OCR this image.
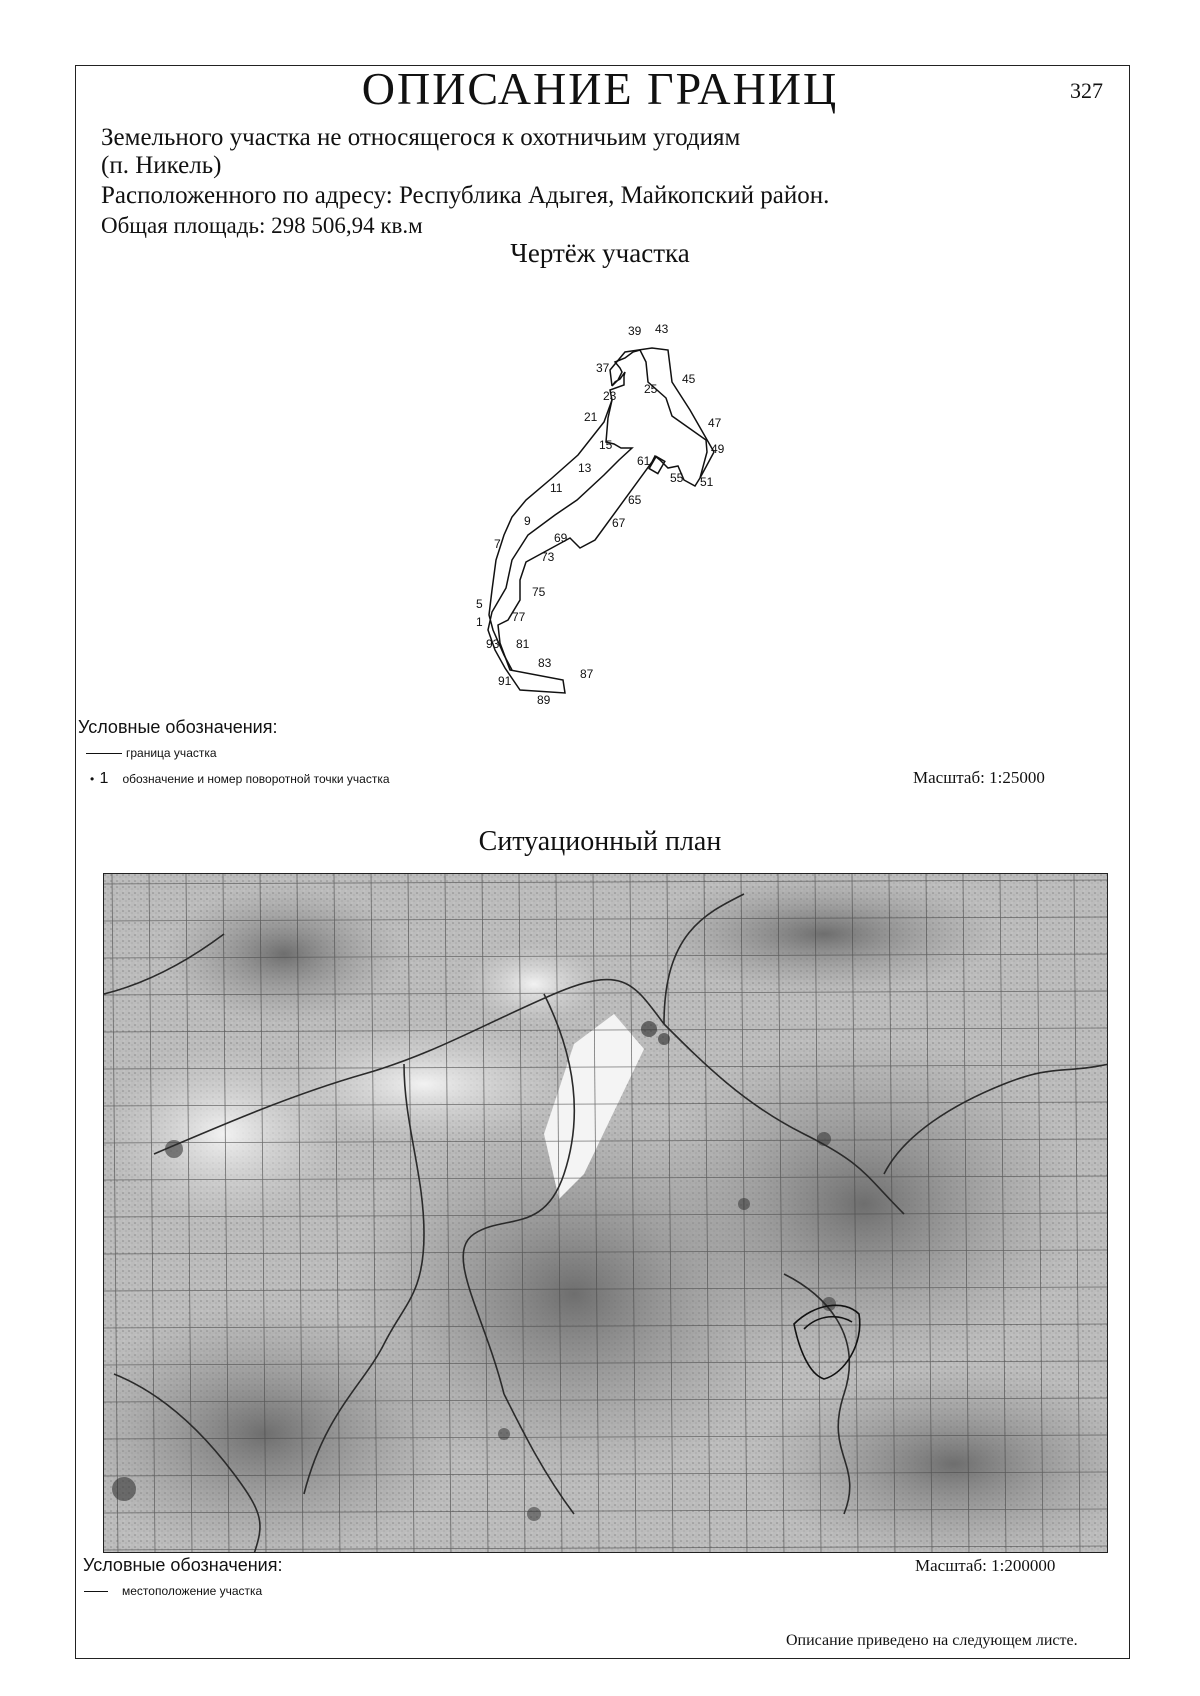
ОПИСАНИЕ ГРАНИЦ	327
Земельного участка не относящегося к охотничьим угодиям
(п. Никель)
Расположенного по адресу: Республика Адыгея, Майкопский район.
Общая площадь: 298 506,94 кв.м
Чертёж участка
39 43
37
45
23 25
21	47
15	49
61
13
55 51
11
65
67
9
69
7
73
75
5
77
1
93 81
83
87
91
89
Условные обозначения:
граница участка
• 1 обозначение и номер поворотной точки участка	Масштаб: 1:25000
Ситуационный план
Условные обозначения:
местоположение участка
Масштаб: 1:200000
Описание приведено на следующем листе.
